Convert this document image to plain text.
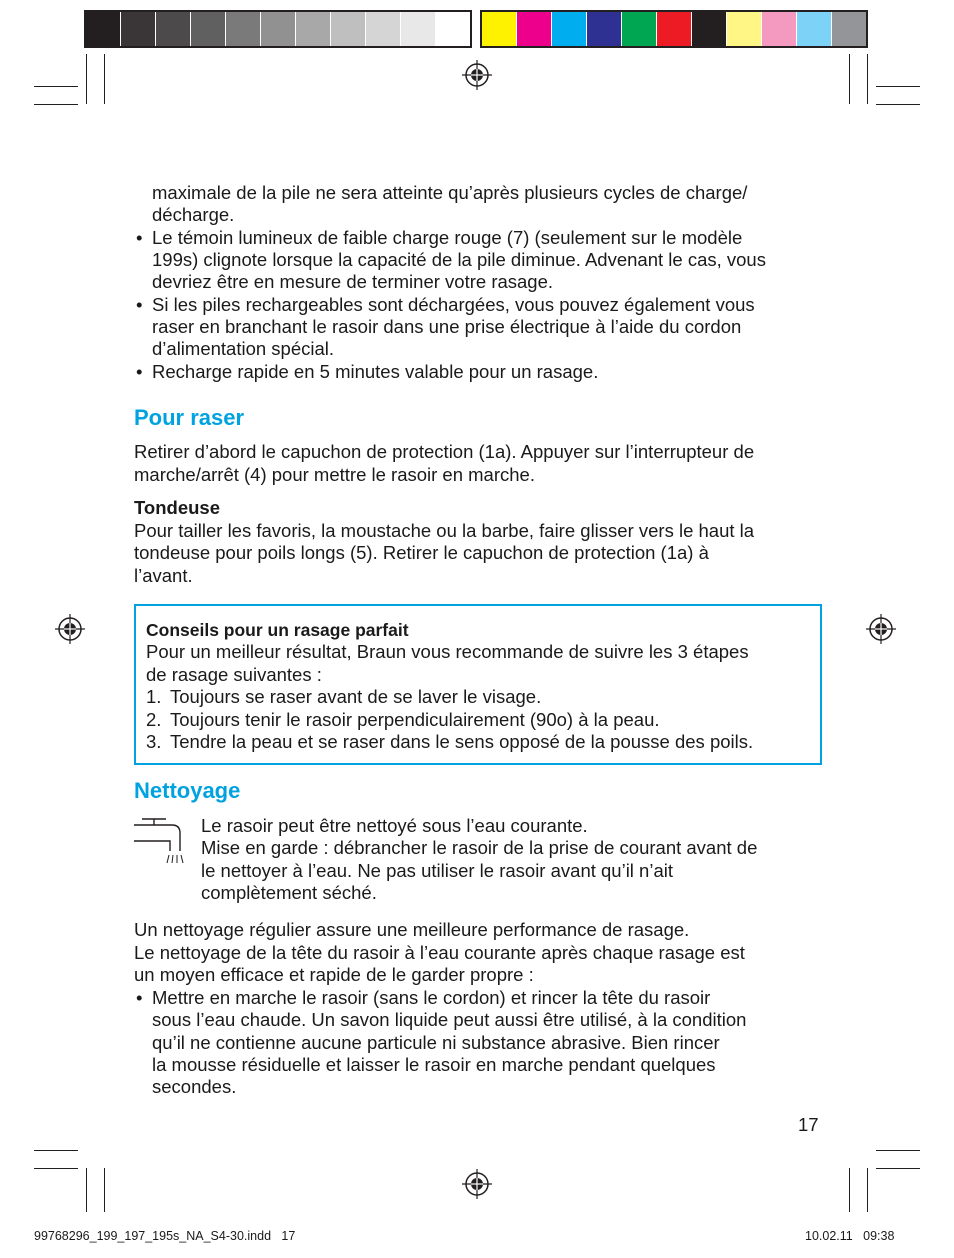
maximale de la pile ne sera atteinte qu’après plusieurs cycles de charge/
décharge.
• Le témoin lumineux de faible charge rouge (7) (seulement sur le modèle
199s) clignote lorsque la capacité de la pile diminue. Advenant le cas, vous
devriez être en mesure de terminer votre rasage.
• Si les piles rechargeables sont déchargées, vous pouvez également vous
raser en branchant le rasoir dans une prise électrique à l’aide du cordon
d’alimentation spécial.
• Recharge rapide en 5 minutes valable pour un rasage.
Pour raser
Retirer d’abord le capuchon de protection (1a). Appuyer sur l’interrupteur de
marche/arrêt (4) pour mettre le rasoir en marche.
Tondeuse
Pour tailler les favoris, la moustache ou la barbe, faire glisser vers le haut la
tondeuse pour poils longs (5). Retirer le capuchon de protection (1a) à
l’avant.
Conseils pour un rasage parfait
Pour un meilleur résultat, Braun vous recommande de suivre les 3 étapes
de rasage suivantes :
1. Toujours se raser avant de se laver le visage.
2. Toujours tenir le rasoir perpendiculairement (90o) à la peau.
3. Tendre la peau et se raser dans le sens opposé de la pousse des poils.
Nettoyage
Le rasoir peut être nettoyé sous l’eau courante.
Mise en garde : débrancher le rasoir de la prise de courant avant de
le nettoyer à l’eau. Ne pas utiliser le rasoir avant qu’il n’ait
complètement séché.
Un nettoyage régulier assure une meilleure performance de rasage.
Le nettoyage de la tête du rasoir à l’eau courante après chaque rasage est
un moyen efficace et rapide de le garder propre :
• Mettre en marche le rasoir (sans le cordon) et rincer la tête du rasoir
sous l’eau chaude. Un savon liquide peut aussi être utilisé, à la condition
qu’il ne contienne aucune particule ni substance abrasive. Bien rincer
la mousse résiduelle et laisser le rasoir en marche pendant quelques
secondes.
17
99768296_199_197_195s_NA_S4-30.indd   17	10.02.11   09:38
